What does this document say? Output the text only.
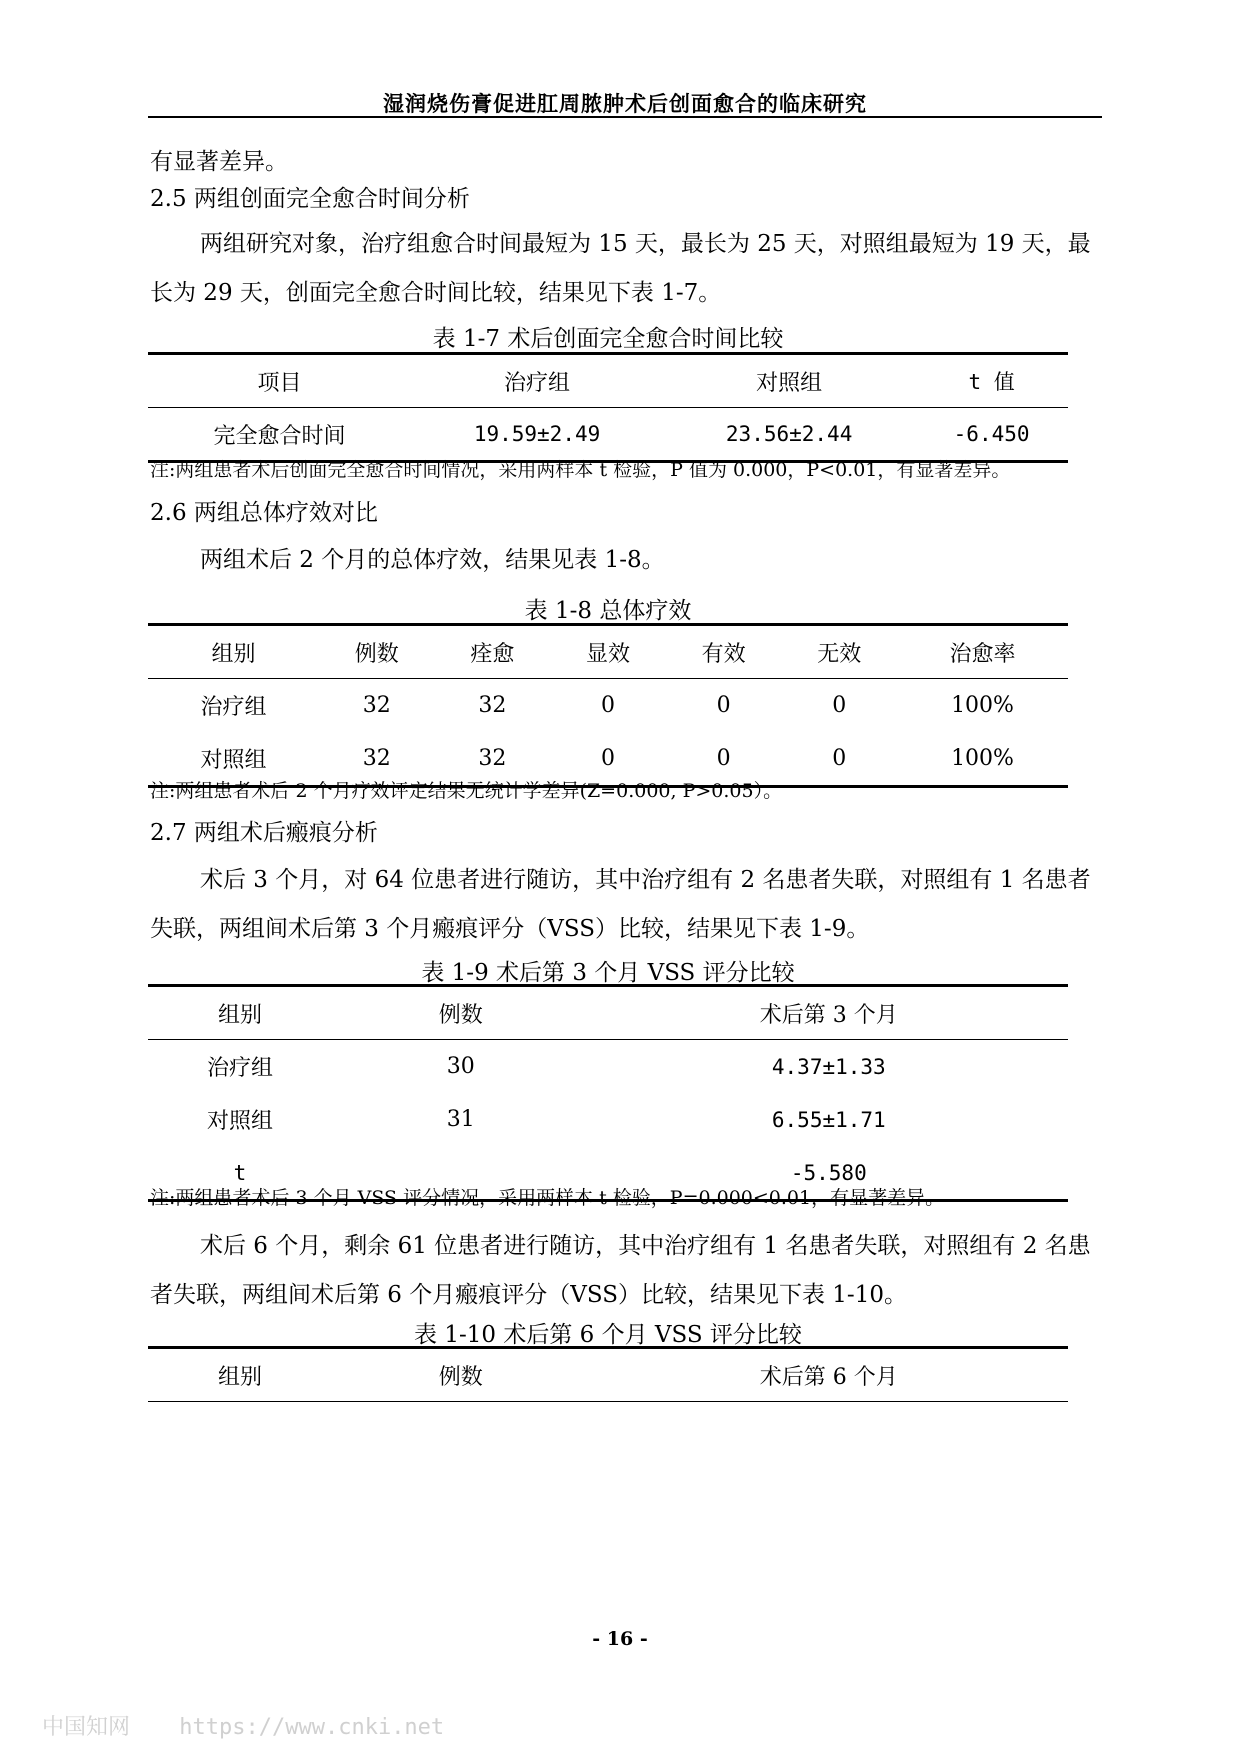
湿润烧伤膏促进肛周脓肿术后创面愈合的临床研究

有显著差异。

2.5 两组创面完全愈合时间分析

两组研究对象，治疗组愈合时间最短为 15 天，最长为 25 天，对照组最短为 19 天，最长为 29 天，创面完全愈合时间比较，结果见下表 1-7。

表 1-7 术后创面完全愈合时间比较

项目	治疗组	对照组	t 值
完全愈合时间	19.59±2.49	23.56±2.44	-6.450

注:两组患者术后创面完全愈合时间情况，采用两样本 t 检验，P 值为 0.000，P<0.01，有显著差异。

2.6 两组总体疗效对比

两组术后 2 个月的总体疗效，结果见表 1-8。

表 1-8 总体疗效

组别	例数	痊愈	显效	有效	无效	治愈率
治疗组	32	32	0	0	0	100%
对照组	32	32	0	0	0	100%

注:两组患者术后 2 个月疗效评定结果无统计学差异(Z=0.000, P>0.05）。

2.7 两组术后瘢痕分析

术后 3 个月，对 64 位患者进行随访，其中治疗组有 2 名患者失联，对照组有 1 名患者失联，两组间术后第 3 个月瘢痕评分（VSS）比较，结果见下表 1-9。

表 1-9 术后第 3 个月 VSS 评分比较

组别	例数	术后第 3 个月
治疗组	30	4.37±1.33
对照组	31	6.55±1.71
t		-5.580

注:两组患者术后 3 个月 VSS 评分情况，采用两样本 t 检验，P=0.000<0.01，有显著差异。

术后 6 个月，剩余 61 位患者进行随访，其中治疗组有 1 名患者失联，对照组有 2 名患者失联，两组间术后第 6 个月瘢痕评分（VSS）比较，结果见下表 1-10。

表 1-10 术后第 6 个月 VSS 评分比较

组别	例数	术后第 6 个月
- 16 -
中国知网 https://www.cnki.net
